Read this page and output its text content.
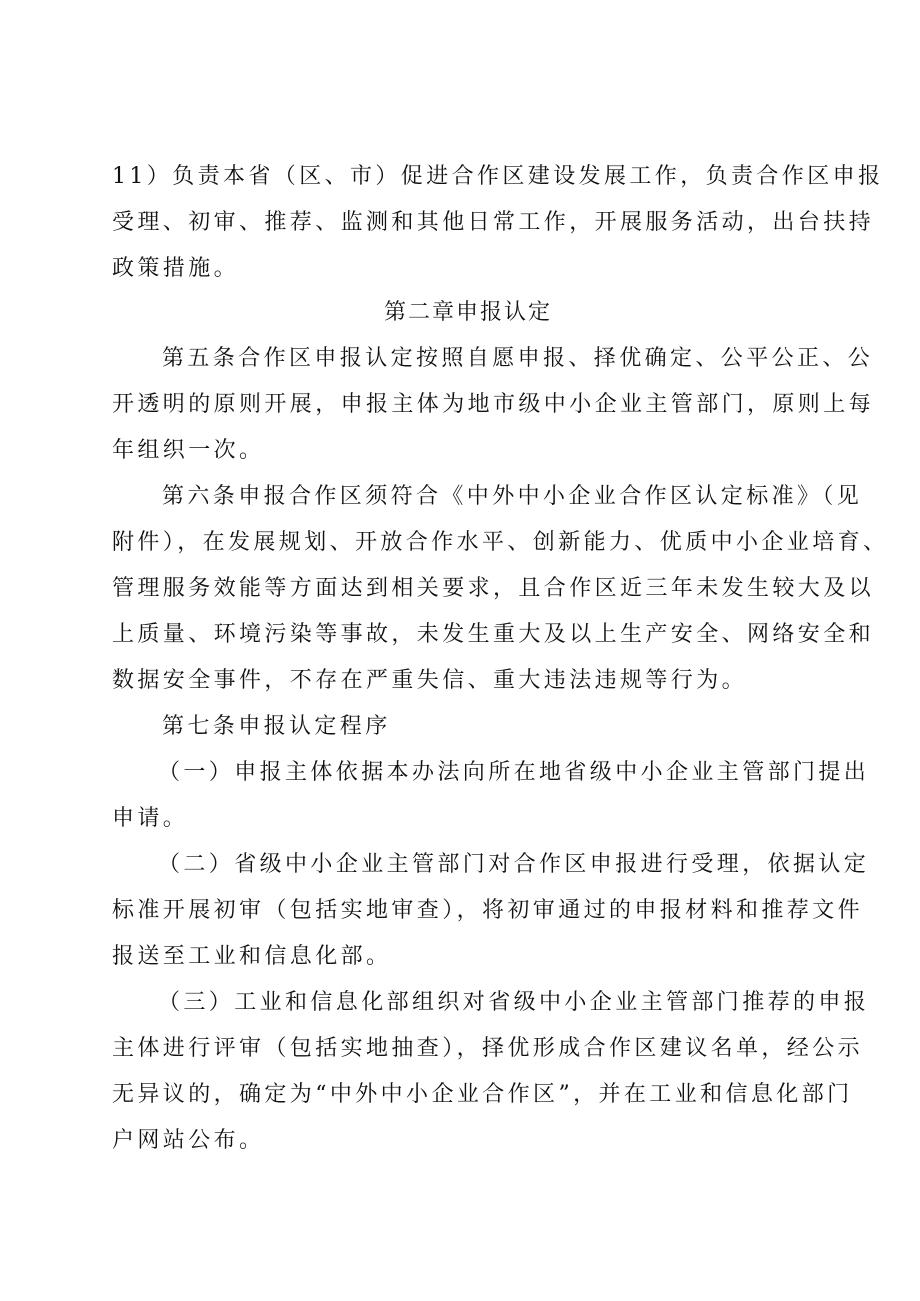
11）负责本省（区、市）促进合作区建设发展工作，负责合作区申报
受理、初审、推荐、监测和其他日常工作，开展服务活动，出台扶持
政策措施。
第二章申报认定
第五条合作区申报认定按照自愿申报、择优确定、公平公正、公
开透明的原则开展，申报主体为地市级中小企业主管部门，原则上每
年组织一次。
第六条申报合作区须符合《中外中小企业合作区认定标准》（见
附件），在发展规划、开放合作水平、创新能力、优质中小企业培育、
管理服务效能等方面达到相关要求，且合作区近三年未发生较大及以
上质量、环境污染等事故，未发生重大及以上生产安全、网络安全和
数据安全事件，不存在严重失信、重大违法违规等行为。
第七条申报认定程序
（一）申报主体依据本办法向所在地省级中小企业主管部门提出
申请。
（二）省级中小企业主管部门对合作区申报进行受理，依据认定
标准开展初审（包括实地审查），将初审通过的申报材料和推荐文件
报送至工业和信息化部。
（三）工业和信息化部组织对省级中小企业主管部门推荐的申报
主体进行评审（包括实地抽查），择优形成合作区建议名单，经公示
无异议的，确定为“中外中小企业合作区”，并在工业和信息化部门
户网站公布。
